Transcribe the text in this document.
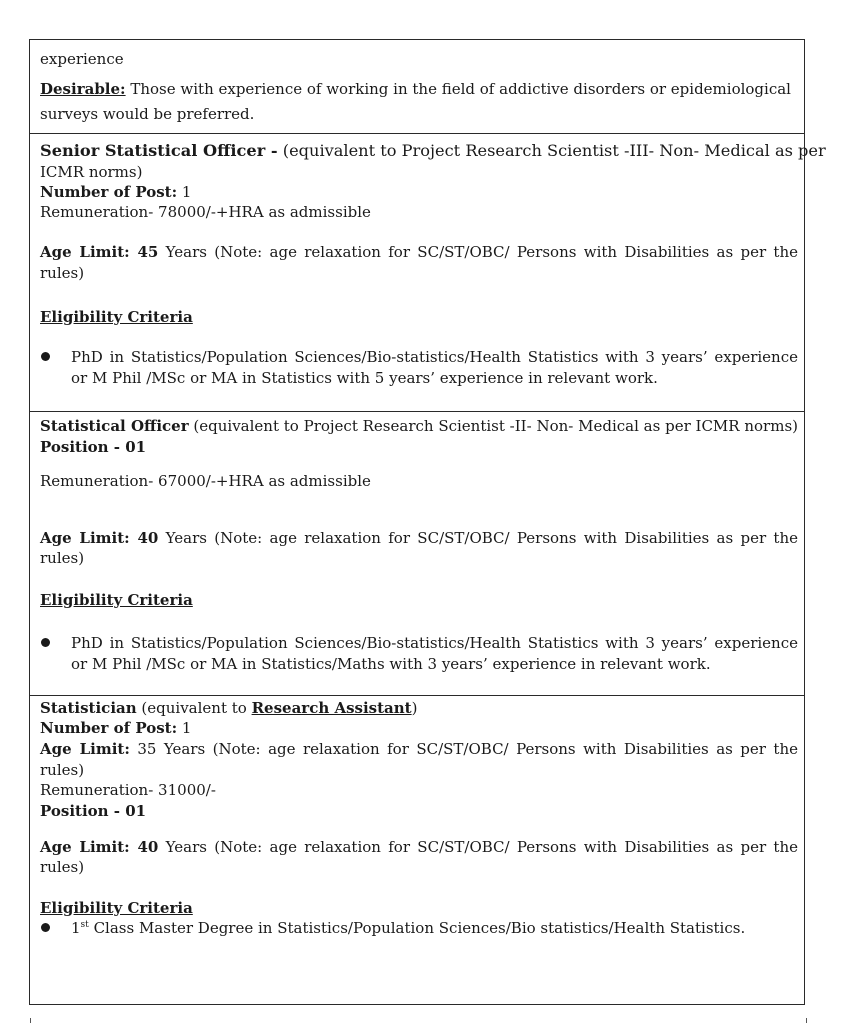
experience
Desirable: Those with experience of working in the field of addictive disorders or epidemiological
surveys would be preferred.
Senior Statistical Officer - (equivalent to Project Research Scientist -III- Non- Medical as per
ICMR norms)
Number of Post: 1
Remuneration- 78000/-+HRA as admissible
Age Limit: 45 Years (Note: age relaxation for SC/ST/OBC/ Persons with Disabilities as per the
rules)
Eligibility Criteria
PhD in Statistics/Population Sciences/Bio-statistics/Health Statistics with 3 years’ experience
or M Phil /MSc or MA in Statistics with 5 years’ experience in relevant work.
Statistical Officer (equivalent to Project Research Scientist -II- Non- Medical as per ICMR norms)
Position - 01
Remuneration- 67000/-+HRA as admissible
Age Limit: 40 Years (Note: age relaxation for SC/ST/OBC/ Persons with Disabilities as per the
rules)
Eligibility Criteria
PhD in Statistics/Population Sciences/Bio-statistics/Health Statistics with 3 years’ experience
or M Phil /MSc or MA in Statistics/Maths with 3 years’ experience in relevant work.
Statistician (equivalent to Research Assistant)
Number of Post: 1
Age Limit: 35 Years (Note: age relaxation for SC/ST/OBC/ Persons with Disabilities as per the
rules)
Remuneration- 31000/-
Position - 01
Age Limit: 40 Years (Note: age relaxation for SC/ST/OBC/ Persons with Disabilities as per the
rules)
Eligibility Criteria
1st Class Master Degree in Statistics/Population Sciences/Bio statistics/Health Statistics.
